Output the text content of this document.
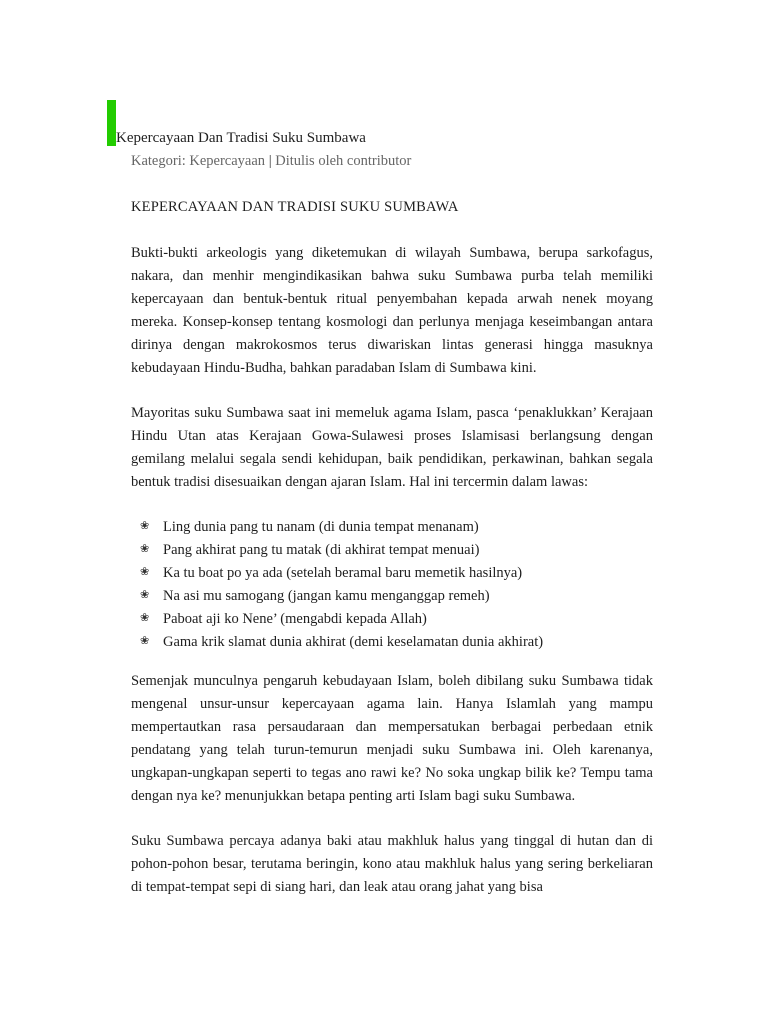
Kepercayaan Dan Tradisi Suku Sumbawa
Kategori: Kepercayaan | Ditulis oleh contributor
KEPERCAYAAN DAN TRADISI SUKU SUMBAWA

Bukti-bukti arkeologis yang diketemukan di wilayah Sumbawa, berupa sarkofagus, nakara, dan menhir mengindikasikan bahwa suku Sumbawa purba telah memiliki kepercayaan dan bentuk-bentuk ritual penyembahan kepada arwah nenek moyang mereka. Konsep-konsep tentang kosmologi dan perlunya menjaga keseimbangan antara dirinya dengan makrokosmos terus diwariskan lintas generasi hingga masuknya kebudayaan Hindu-Budha, bahkan paradaban Islam di Sumbawa kini.

Mayoritas suku Sumbawa saat ini memeluk agama Islam, pasca ‘penaklukkan’ Kerajaan Hindu Utan atas Kerajaan Gowa-Sulawesi proses Islamisasi berlangsung dengan gemilang melalui segala sendi kehidupan, baik pendidikan, perkawinan, bahkan segala bentuk tradisi disesuaikan dengan ajaran Islam. Hal ini tercermin dalam lawas:

❀ Ling dunia pang tu nanam (di dunia tempat menanam)
❀ Pang akhirat pang tu matak (di akhirat tempat menuai)
❀ Ka tu boat po ya ada (setelah beramal baru memetik hasilnya)
❀ Na asi mu samogang (jangan kamu menganggap remeh)
❀ Paboat aji ko Nene’ (mengabdi kepada Allah)
❀ Gama krik slamat dunia akhirat (demi keselamatan dunia akhirat)

Semenjak munculnya pengaruh kebudayaan Islam, boleh dibilang suku Sumbawa tidak mengenal unsur-unsur kepercayaan agama lain. Hanya Islamlah yang mampu mempertautkan rasa persaudaraan dan mempersatukan berbagai perbedaan etnik pendatang yang telah turun-temurun menjadi suku Sumbawa ini. Oleh karenanya, ungkapan-ungkapan seperti to tegas ano rawi ke? No soka ungkap bilik ke? Tempu tama dengan nya ke? menunjukkan betapa penting arti Islam bagi suku Sumbawa.

Suku Sumbawa percaya adanya baki atau makhluk halus yang tinggal di hutan dan di pohon-pohon besar, terutama beringin, kono atau makhluk halus yang sering berkeliaran di tempat-tempat sepi di siang hari, dan leak atau orang jahat yang bisa
